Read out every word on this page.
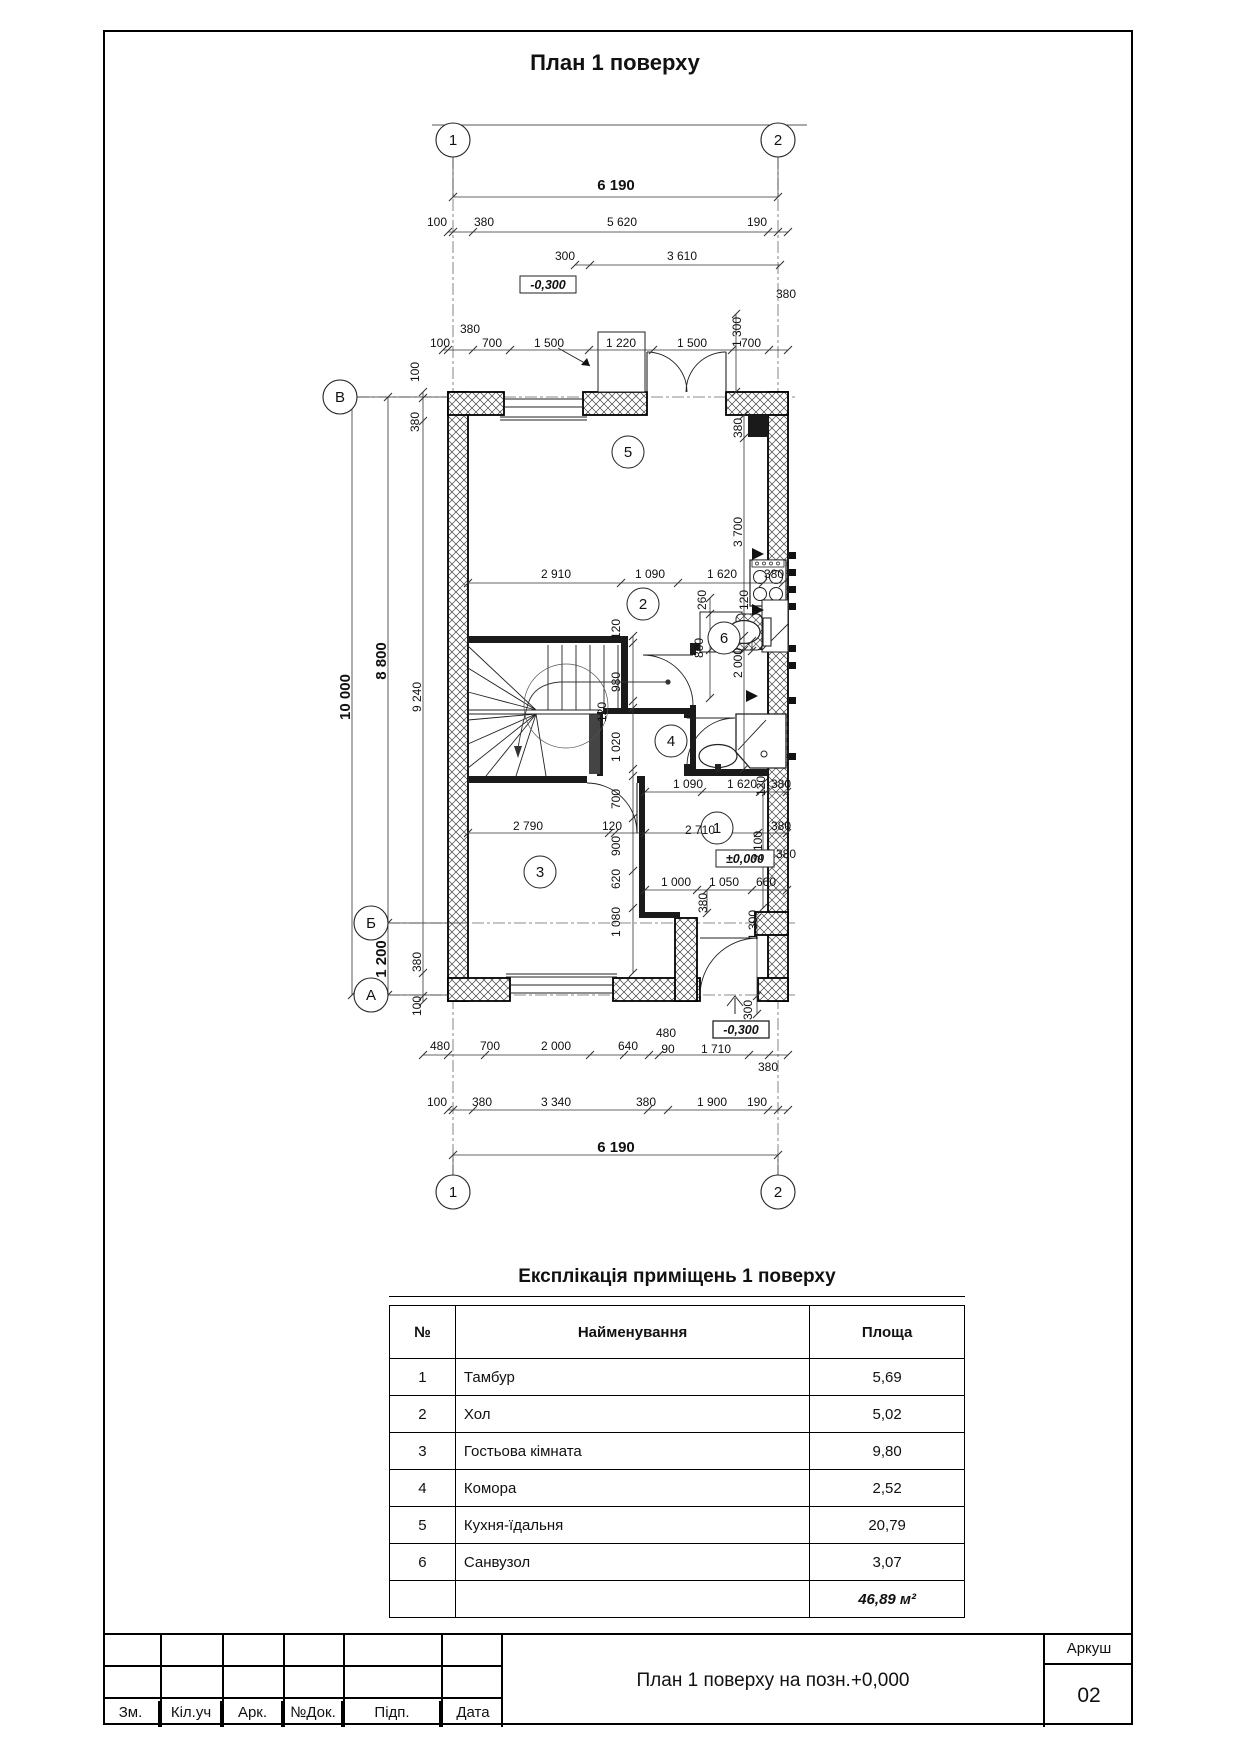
План 1 поверху
1	2
1	2
В
Б
А
5
2
3
4
1
6
-0,300
±0,000
-0,300
6 190
100 380	5 620	190
300	3 610
380
100	700	1 500	1 220	1 500	700
1 300
380
100
380
10 000
8 800
9 240
1 200 380
100
2 910	1 090	1 620 380
380
3 700
120
980
260
800
120
2 000
120
1 020
700
1 090 1 620
120 380
2 790	120	2 710	380
900
620
1 080
1 000 1 050 660
2 100
380
380
1 300
300
480 700	2 000	640
480
90 1 710
380
100 380	3 340	380	1 900 190
6 190
Експлікація приміщень 1 поверху
№	Найменування	Площа
1	Тамбур	5,69
2	Хол	5,02
3	Гостьова кімната	9,80
4	Комора	2,52
5	Кухня-їдальня	20,79
6	Санвузол	3,07
		46,89 м²
Зм.	Кіл.уч	Арк.	№Док.	Підп.	Дата
План 1 поверху на позн.+0,000
Аркуш
02
